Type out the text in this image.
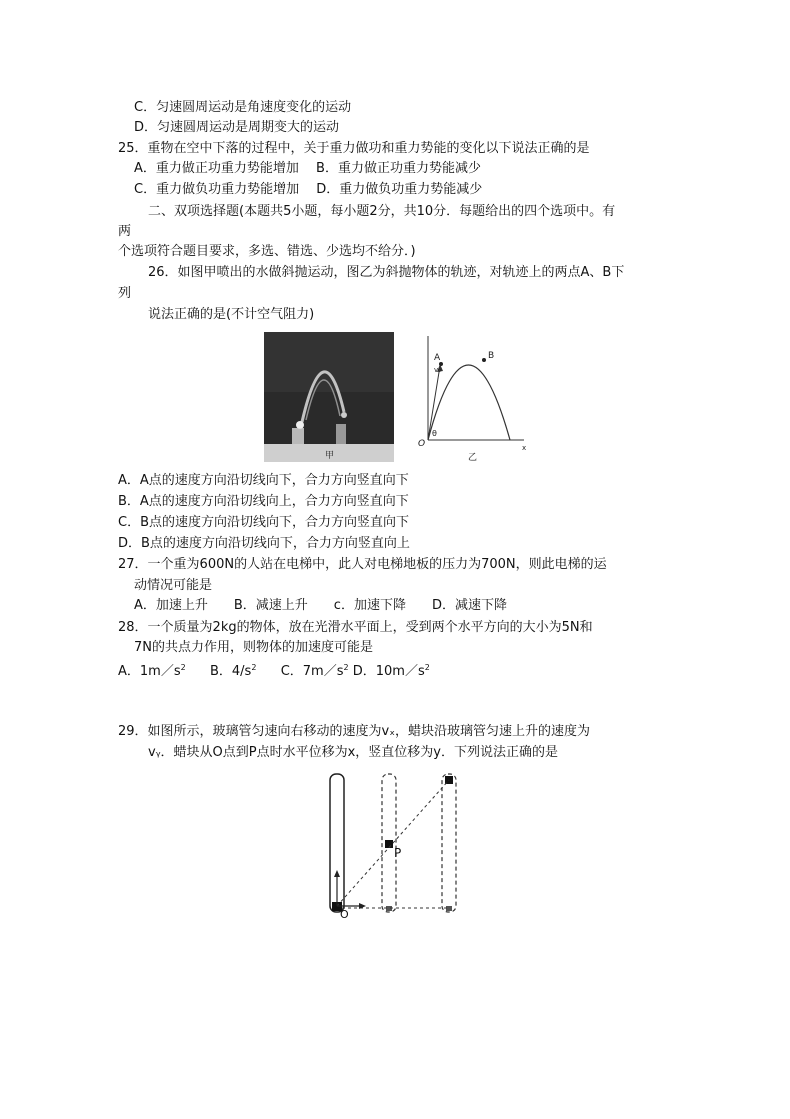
C．匀速圆周运动是角速度变化的运动
D．匀速圆周运动是周期变大的运动
25．重物在空中下落的过程中，关于重力做功和重力势能的变化以下说法正确的是
A．重力做正功重力势能增加　 B．重力做正功重力势能减少
C．重力做负功重力势能增加　 D．重力做负功重力势能减少
二、双项选择题(本题共5小题，每小题2分，共10分．每题给出的四个选项中。有
两
个选项符合题目要求，多选、错选、少选均不给分．)
26．如图甲喷出的水做斜抛运动，图乙为斜抛物体的轨迹，对轨迹上的两点A、B下
列
说法正确的是(不计空气阻力)
甲
A	B
v₀
θ
O	x
乙
A．A点的速度方向沿切线向下，合力方向竖直向下
B．A点的速度方向沿切线向上，合力方向竖直向下
C．B点的速度方向沿切线向下，合力方向竖直向下
D．B点的速度方向沿切线向下，合力方向竖直向上
27．一个重为600N的人站在电梯中，此人对电梯地板的压力为700N，则此电梯的运
动情况可能是
A．加速上升　　B．减速上升　　c．加速下降　　D．减速下降
28．一个质量为2kg的物体，放在光滑水平面上，受到两个水平方向的大小为5N和
7N的共点力作用，则物体的加速度可能是
A．$1m/s^2$ B．$4/s^2$ C．$7m/s^2$ D．$10m/s^2$
29．如图所示，玻璃管匀速向右移动的速度为vₓ，蜡块沿玻璃管匀速上升的速度为
vᵧ．蜡块从O点到P点时水平位移为x，竖直位移为y．下列说法正确的是
P
O
